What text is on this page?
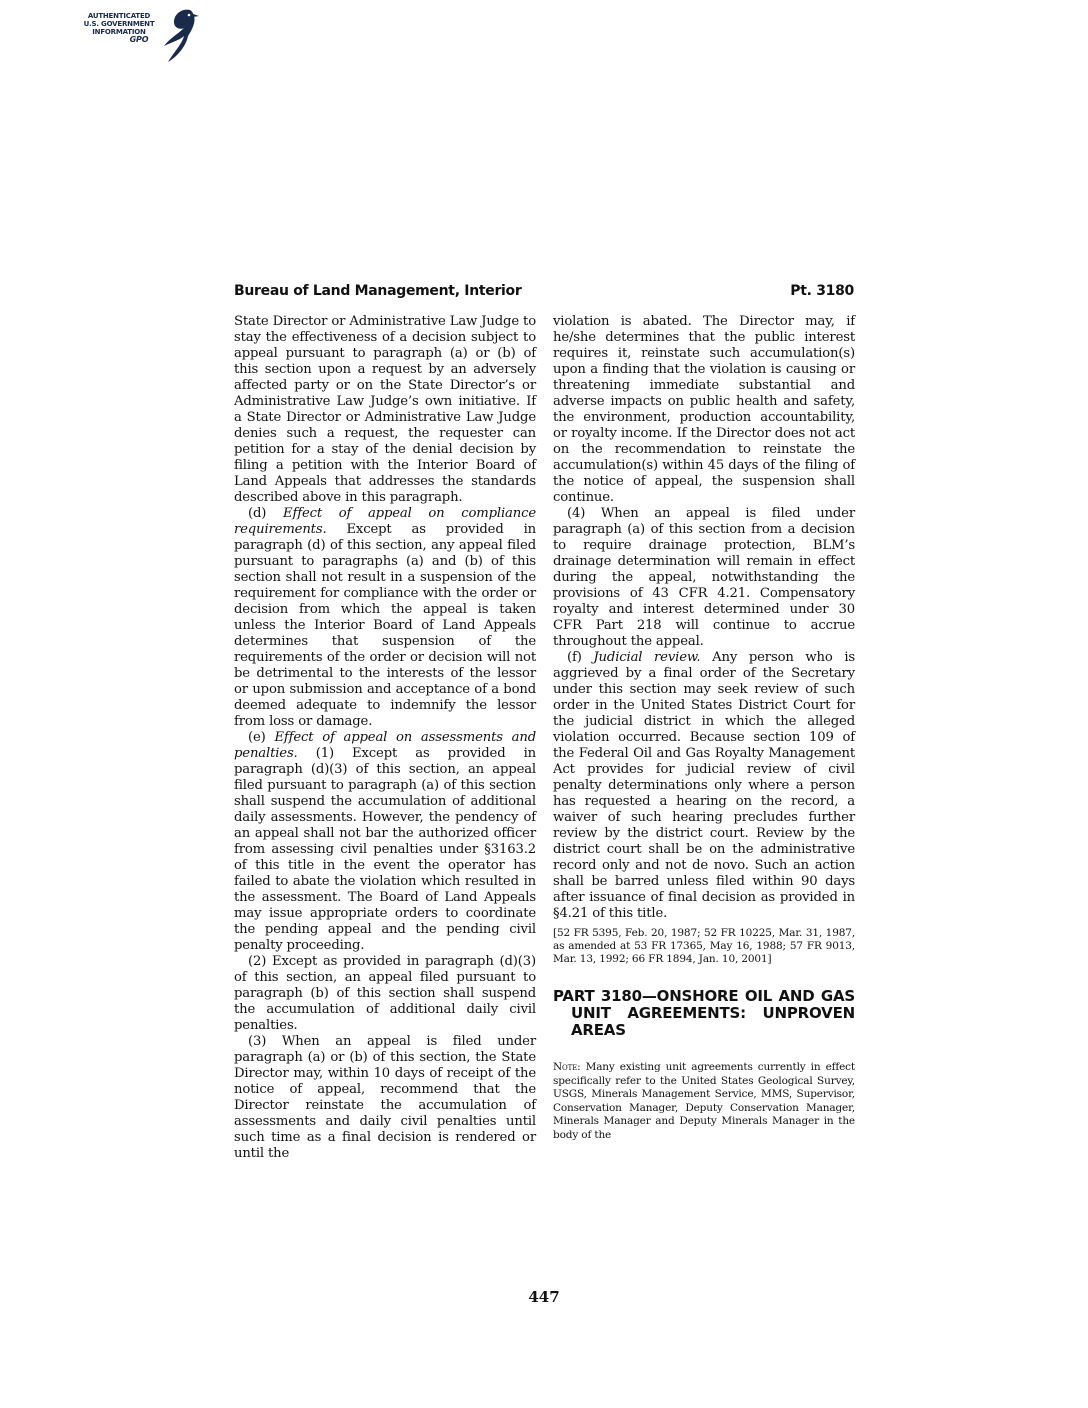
AUTHENTICATED
U.S. GOVERNMENT
INFORMATION
GPO
Bureau of Land Management, Interior	Pt. 3180

State Director or Administrative Law Judge to stay the effectiveness of a decision subject to appeal pursuant to paragraph (a) or (b) of this section upon a request by an adversely affected party or on the State Director’s or Administrative Law Judge’s own initiative. If a State Director or Administrative Law Judge denies such a request, the requester can petition for a stay of the denial decision by filing a petition with the Interior Board of Land Appeals that addresses the standards described above in this paragraph.

(d) Effect of appeal on compliance requirements. Except as provided in paragraph (d) of this section, any appeal filed pursuant to paragraphs (a) and (b) of this section shall not result in a suspension of the requirement for compliance with the order or decision from which the appeal is taken unless the Interior Board of Land Appeals determines that suspension of the requirements of the order or decision will not be detrimental to the interests of the lessor or upon submission and acceptance of a bond deemed adequate to indemnify the lessor from loss or damage.

(e) Effect of appeal on assessments and penalties. (1) Except as provided in paragraph (d)(3) of this section, an appeal filed pursuant to paragraph (a) of this section shall suspend the accumulation of additional daily assessments. However, the pendency of an appeal shall not bar the authorized officer from assessing civil penalties under §3163.2 of this title in the event the operator has failed to abate the violation which resulted in the assessment. The Board of Land Appeals may issue appropriate orders to coordinate the pending appeal and the pending civil penalty proceeding.

(2) Except as provided in paragraph (d)(3) of this section, an appeal filed pursuant to paragraph (b) of this section shall suspend the accumulation of additional daily civil penalties.

(3) When an appeal is filed under paragraph (a) or (b) of this section, the State Director may, within 10 days of receipt of the notice of appeal, recommend that the Director reinstate the accumulation of assessments and daily civil penalties until such time as a final decision is rendered or until the

violation is abated. The Director may, if he/she determines that the public interest requires it, reinstate such accumulation(s) upon a finding that the violation is causing or threatening immediate substantial and adverse impacts on public health and safety, the environment, production accountability, or royalty income. If the Director does not act on the recommendation to reinstate the accumulation(s) within 45 days of the filing of the notice of appeal, the suspension shall continue.

(4) When an appeal is filed under paragraph (a) of this section from a decision to require drainage protection, BLM’s drainage determination will remain in effect during the appeal, notwithstanding the provisions of 43 CFR 4.21. Compensatory royalty and interest determined under 30 CFR Part 218 will continue to accrue throughout the appeal.

(f) Judicial review. Any person who is aggrieved by a final order of the Secretary under this section may seek review of such order in the United States District Court for the judicial district in which the alleged violation occurred. Because section 109 of the Federal Oil and Gas Royalty Management Act provides for judicial review of civil penalty determinations only where a person has requested a hearing on the record, a waiver of such hearing precludes further review by the district court. Review by the district court shall be on the administrative record only and not de novo. Such an action shall be barred unless filed within 90 days after issuance of final decision as provided in §4.21 of this title.

[52 FR 5395, Feb. 20, 1987; 52 FR 10225, Mar. 31, 1987, as amended at 53 FR 17365, May 16, 1988; 57 FR 9013, Mar. 13, 1992; 66 FR 1894, Jan. 10, 2001]

PART 3180—ONSHORE OIL AND GAS UNIT AGREEMENTS: UNPROVEN AREAS

Note: Many existing unit agreements currently in effect specifically refer to the United States Geological Survey, USGS, Minerals Management Service, MMS, Supervisor, Conservation Manager, Deputy Conservation Manager, Minerals Manager and Deputy Minerals Manager in the body of the

447
